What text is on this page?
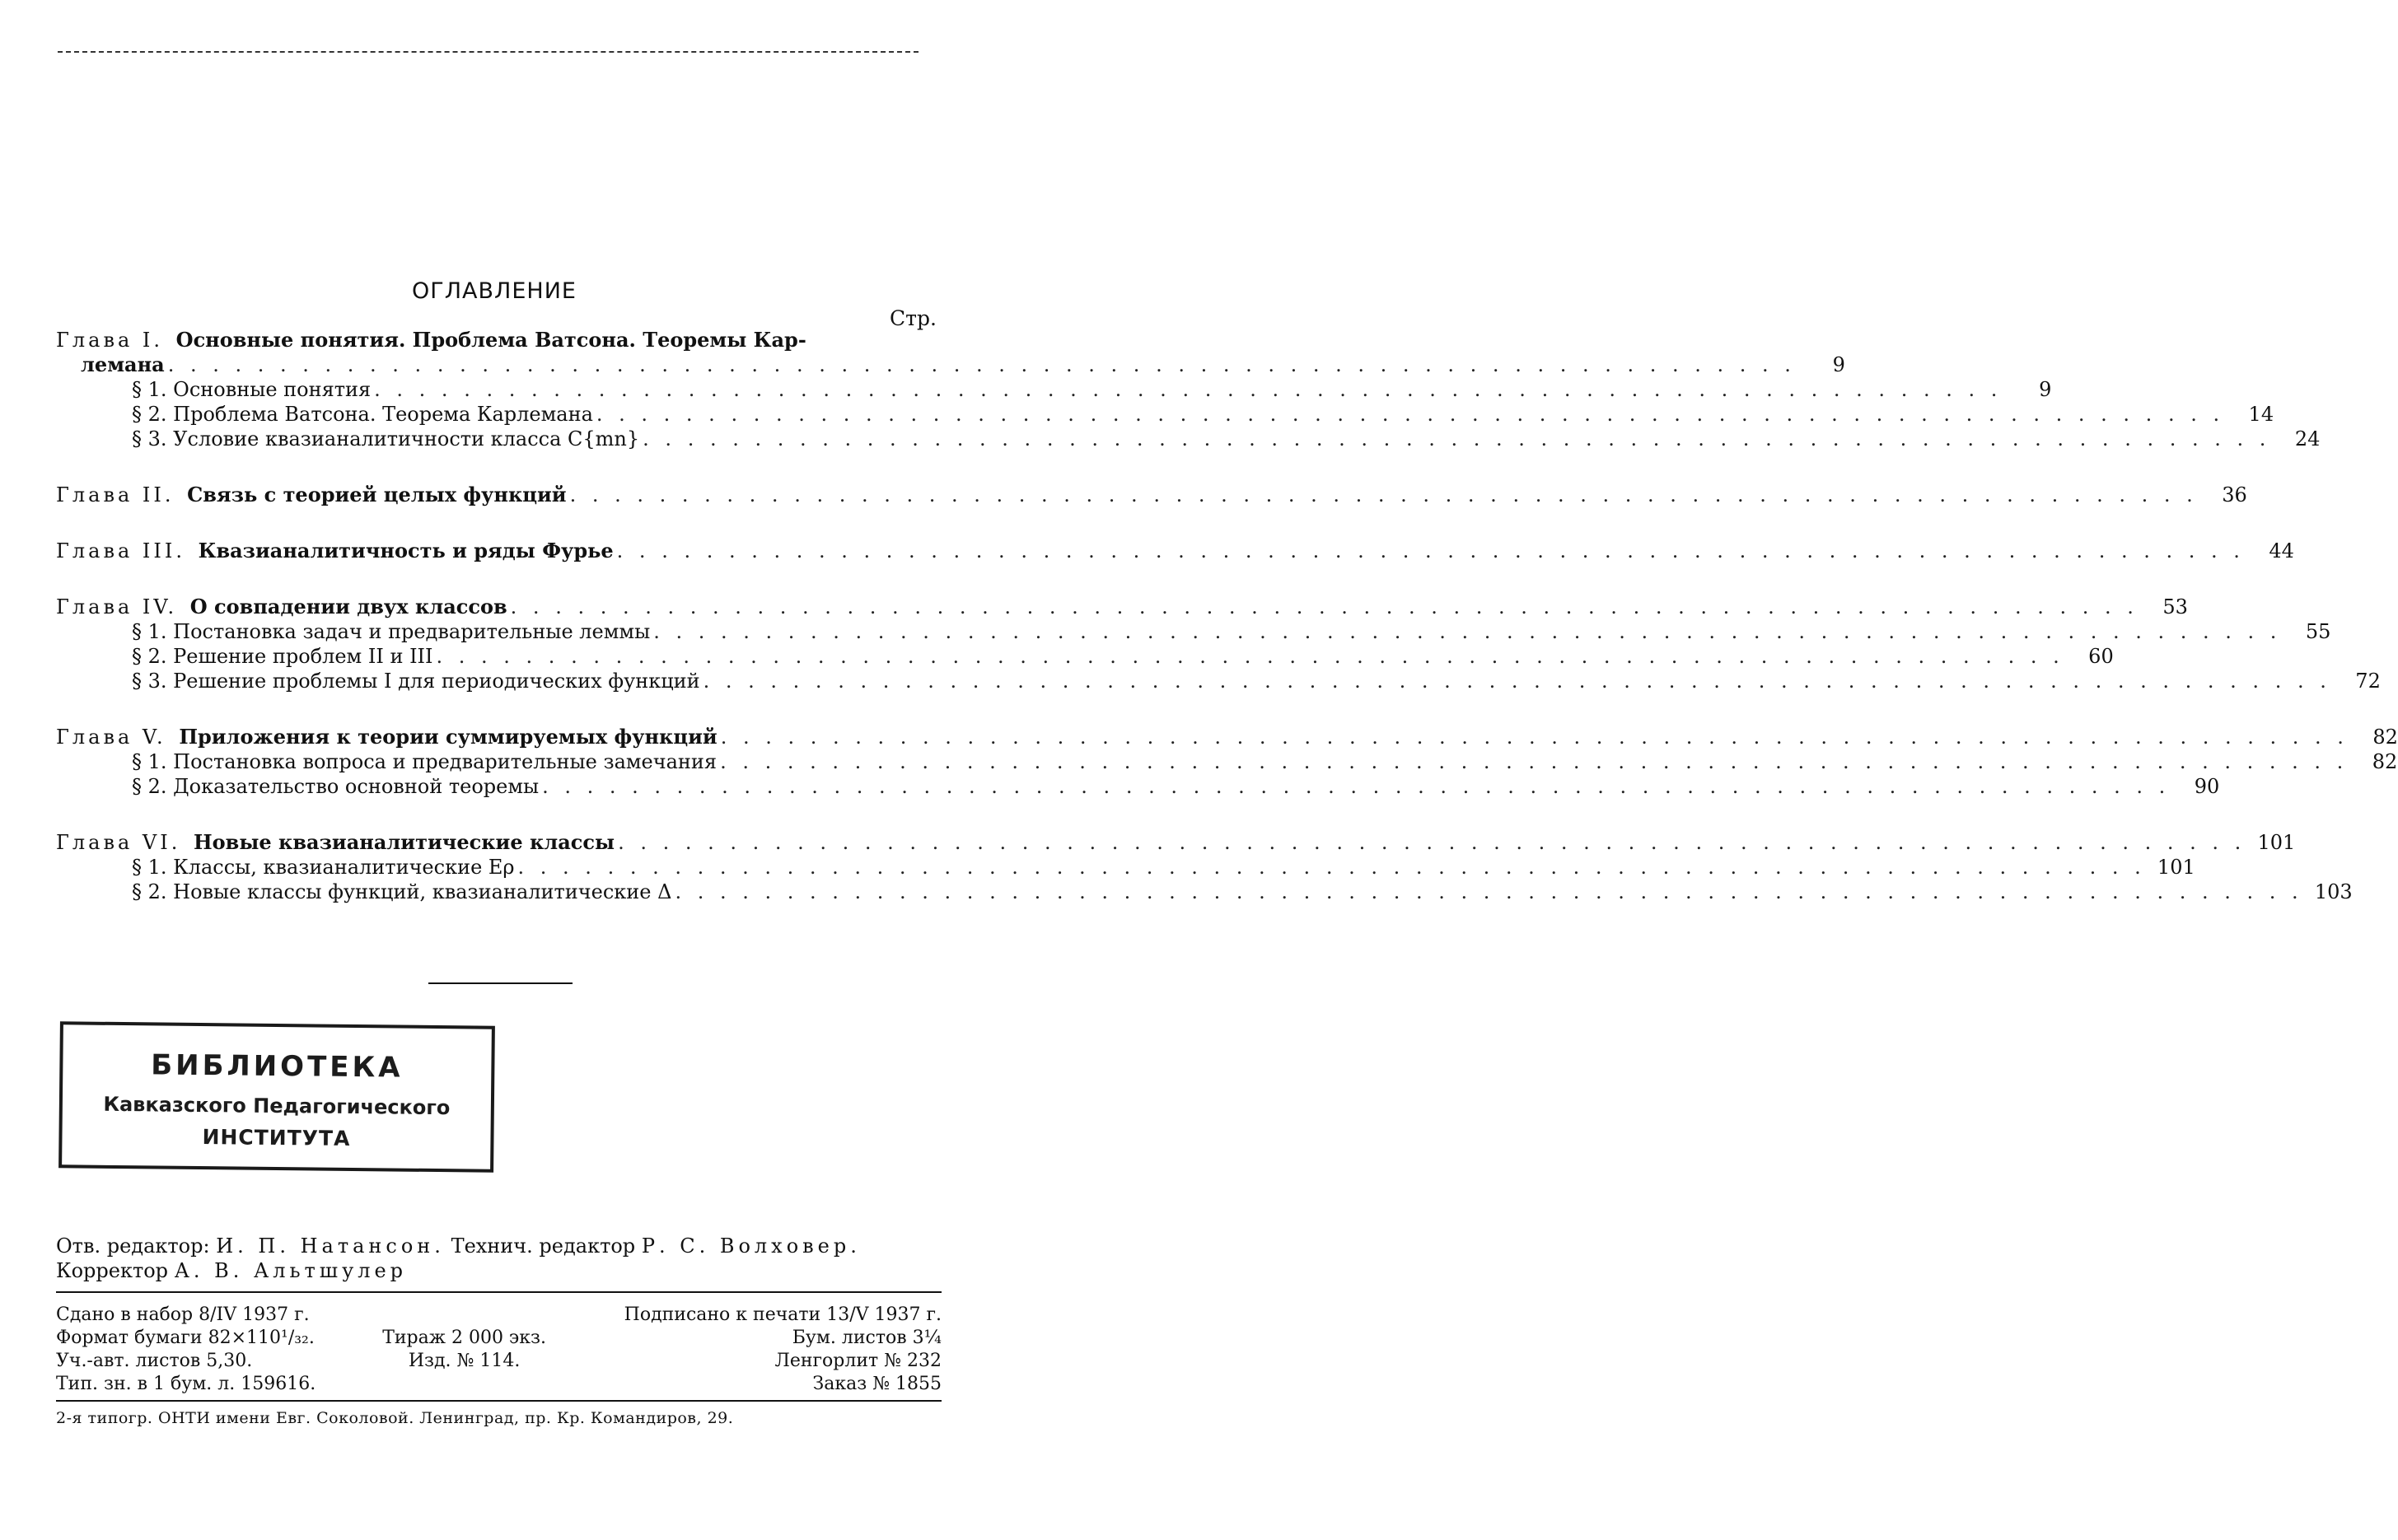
ОГЛАВЛЕНИЕ
Стр.
Глава I. Основные понятия. Проблема Ватсона. Теоремы Кар-
лемана . . .	9
§ 1. Основные понятия . . .	9
§ 2. Проблема Ватсона. Теорема Карлемана . . .	14
§ 3. Условие квазианалитичности класса C{mn} . . .	24
Глава II. Связь с теорией целых функций . . .	36
Глава III. Квазианалитичность и ряды Фурье . . .	44
Глава IV. О совпадении двух классов . . .	53
§ 1. Постановка задач и предварительные леммы . . .	55
§ 2. Решение проблем II и III . . .	60
§ 3. Решение проблемы I для периодических функций . . .	72
Глава V. Приложения к теории суммируемых функций . . .	82
§ 1. Постановка вопроса и предварительные замечания . . .	82
§ 2. Доказательство основной теоремы . . .	90
Глава VI. Новые квазианалитические классы . . .	101
§ 1. Классы, квазианалитические Eρ . . .	101
§ 2. Новые классы функций, квазианалитические Δ . . .	103
БИБЛИОТЕКА
Кавказского Педагогического
ИНСТИТУТА
Отв. редактор: И. П. Натансон. Технич. редактор Р. С. Волховер.
Корректор А. В. Альтшулер
Сдано в набор 8/IV 1937 г.		Подписано к печати 13/V 1937 г.
Формат бумаги 82×110¹/₃₂.	Тираж 2 000 экз.	Бум. листов 3¼
Уч.-авт. листов 5,30.	Изд. № 114.	Ленгорлит № 232
Тип. зн. в 1 бум. л. 159616.		Заказ № 1855
2-я типогр. ОНТИ имени Евг. Соколовой. Ленинград, пр. Кр. Командиров, 29.
